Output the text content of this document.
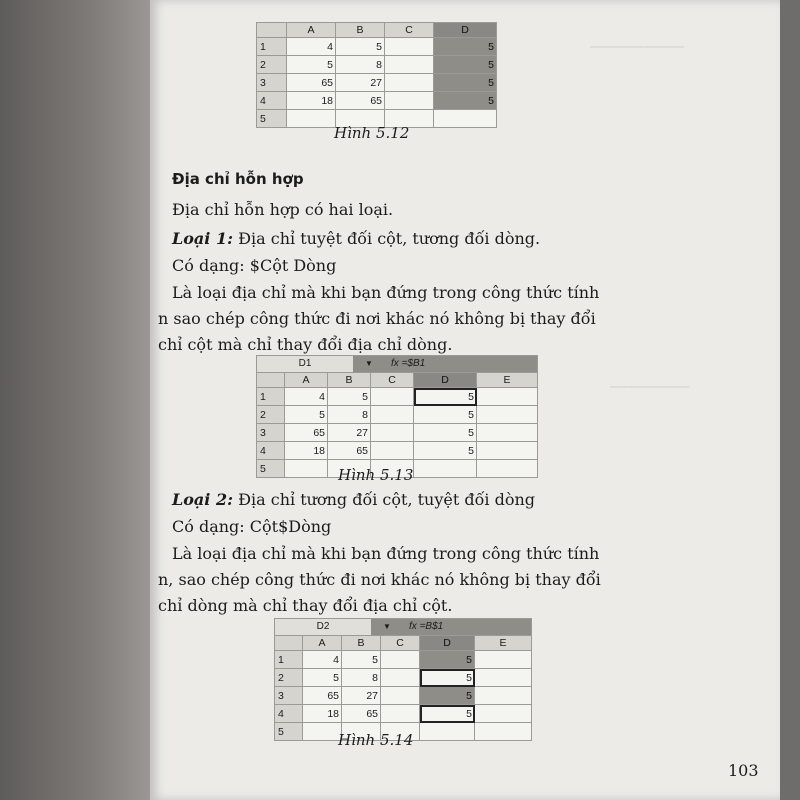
─────────────
───────────
	A	B	C	D
1	4	5		5
2	5	8		5
3	65	27		5
4	18	65		5
5				
Hình 5.12
Địa chỉ hỗn hợp
Địa chỉ hỗn hợp có hai loại.
Loại 1: Địa chỉ tuyệt đối cột, tương đối dòng.
Có dạng: $Cột Dòng
Là loại địa chỉ mà khi bạn đứng trong công thức tính
n sao chép công thức đi nơi khác nó không bị thay đổi
chỉ cột mà chỉ thay đổi địa chỉ dòng.
D1	▼	fx =$B1
	A	B	C	D	E
1	4	5		5	
2	5	8		5	
3	65	27		5	
4	18	65		5	
5						Hình 5.13
Loại 2: Địa chỉ tương đối cột, tuyệt đối dòng
Có dạng: Cột$Dòng
Là loại địa chỉ mà khi bạn đứng trong công thức tính
n, sao chép công thức đi nơi khác nó không bị thay đổi
chỉ dòng mà chỉ thay đổi địa chỉ cột.
D2	▼	fx =B$1
	A	B	C	D	E
1	4	5		5	
2	5	8		5	
3	65	27		5	
4	18	65		5	
5						Hình 5.14
103
